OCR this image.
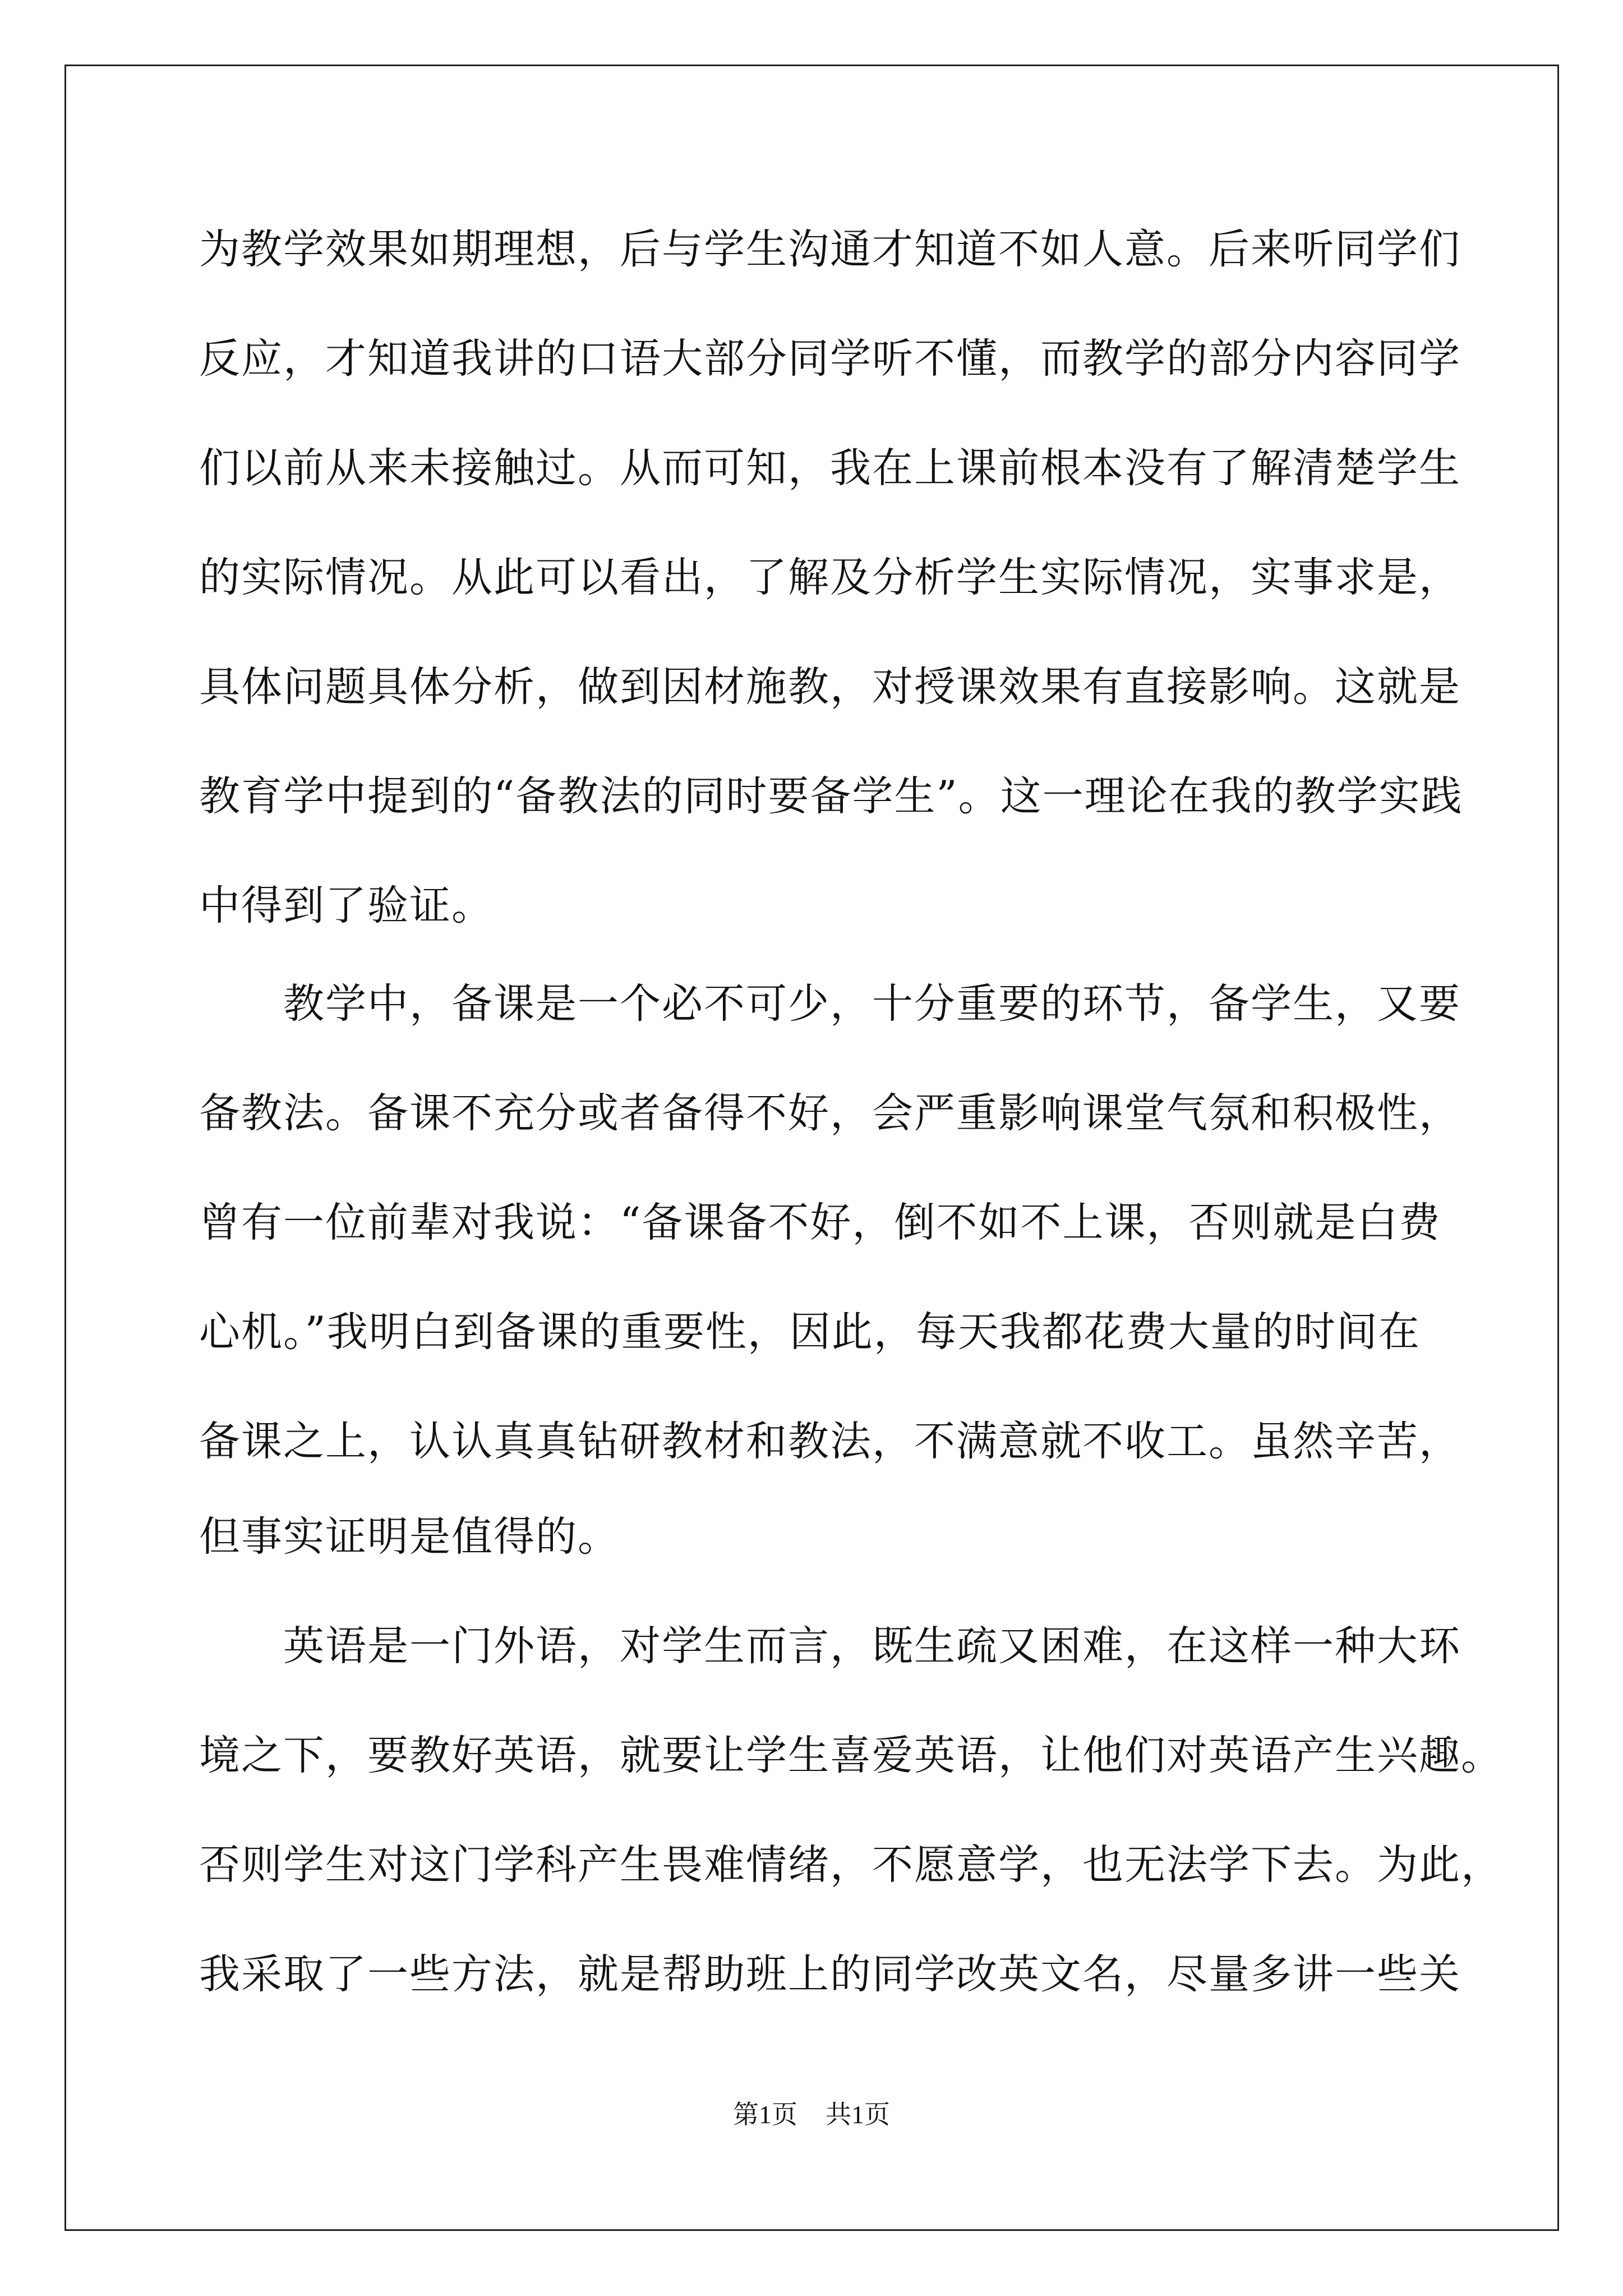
为教学效果如期理想，后与学生沟通才知道不如人意。后来听同学们
反应，才知道我讲的口语大部分同学听不懂，而教学的部分内容同学
们以前从来未接触过。从而可知，我在上课前根本没有了解清楚学生
的实际情况。从此可以看出，了解及分析学生实际情况，实事求是，
具体问题具体分析，做到因材施教，对授课效果有直接影响。这就是
教育学中提到的“备教法的同时要备学生”。这一理论在我的教学实践
中得到了验证。
教学中，备课是一个必不可少，十分重要的环节，备学生，又要
备教法。备课不充分或者备得不好，会严重影响课堂气氛和积极性，
曾有一位前辈对我说：“备课备不好，倒不如不上课，否则就是白费
心机。”我明白到备课的重要性，因此，每天我都花费大量的时间在
备课之上，认认真真钻研教材和教法，不满意就不收工。虽然辛苦，
但事实证明是值得的。
英语是一门外语，对学生而言，既生疏又困难，在这样一种大环
境之下，要教好英语，就要让学生喜爱英语，让他们对英语产生兴趣。
否则学生对这门学科产生畏难情绪，不愿意学，也无法学下去。为此，
我采取了一些方法，就是帮助班上的同学改英文名，尽量多讲一些关
第1页 共1页
